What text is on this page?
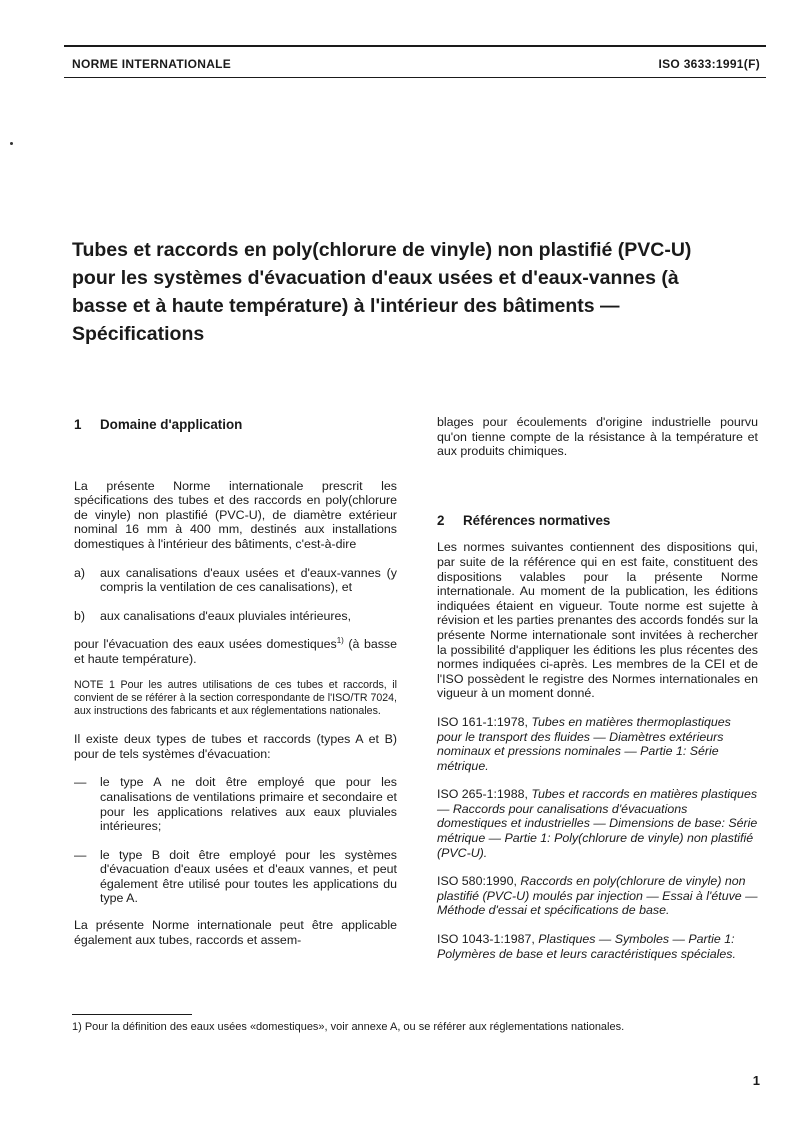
NORME INTERNATIONALE	ISO 3633:1991(F)
Tubes et raccords en poly(chlorure de vinyle) non plastifié (PVC-U) pour les systèmes d'évacuation d'eaux usées et d'eaux-vannes (à basse et à haute température) à l'intérieur des bâtiments — Spécifications
1 Domaine d'application

La présente Norme internationale prescrit les spécifications des tubes et des raccords en poly(chlorure de vinyle) non plastifié (PVC-U), de diamètre extérieur nominal 16 mm à 400 mm, destinés aux installations domestiques à l'intérieur des bâtiments, c'est-à-dire

a)	aux canalisations d'eaux usées et d'eaux-vannes (y compris la ventilation de ces canalisations), et
b)	aux canalisations d'eaux pluviales intérieures,

pour l'évacuation des eaux usées domestiques$^{1)}$ (à basse et haute température).

NOTE 1 Pour les autres utilisations de ces tubes et raccords, il convient de se référer à la section correspondante de l'ISO/TR 7024, aux instructions des fabricants et aux réglementations nationales.

Il existe deux types de tubes et raccords (types A et B) pour de tels systèmes d'évacuation:

—	le type A ne doit être employé que pour les canalisations de ventilations primaire et secondaire et pour les applications relatives aux eaux pluviales intérieures;
—	le type B doit être employé pour les systèmes d'évacuation d'eaux usées et d'eaux vannes, et peut également être utilisé pour toutes les applications du type A.

La présente Norme internationale peut être applicable également aux tubes, raccords et assem-

blages pour écoulements d'origine industrielle pourvu qu'on tienne compte de la résistance à la température et aux produits chimiques.

2 Références normatives

Les normes suivantes contiennent des dispositions qui, par suite de la référence qui en est faite, constituent des dispositions valables pour la présente Norme internationale. Au moment de la publication, les éditions indiquées étaient en vigueur. Toute norme est sujette à révision et les parties prenantes des accords fondés sur la présente Norme internationale sont invitées à rechercher la possibilité d'appliquer les éditions les plus récentes des normes indiquées ci-après. Les membres de la CEI et de l'ISO possèdent le registre des Normes internationales en vigueur à un moment donné.

ISO 161-1:1978, Tubes en matières thermoplastiques pour le transport des fluides — Diamètres extérieurs nominaux et pressions nominales — Partie 1: Série métrique.

ISO 265-1:1988, Tubes et raccords en matières plastiques — Raccords pour canalisations d'évacuations domestiques et industrielles — Dimensions de base: Série métrique — Partie 1: Poly(chlorure de vinyle) non plastifié (PVC-U).

ISO 580:1990, Raccords en poly(chlorure de vinyle) non plastifié (PVC-U) moulés par injection — Essai à l'étuve — Méthode d'essai et spécifications de base.

ISO 1043-1:1987, Plastiques — Symboles — Partie 1: Polymères de base et leurs caractéristiques spéciales.

1) Pour la définition des eaux usées «domestiques», voir annexe A, ou se référer aux réglementations nationales.
1
